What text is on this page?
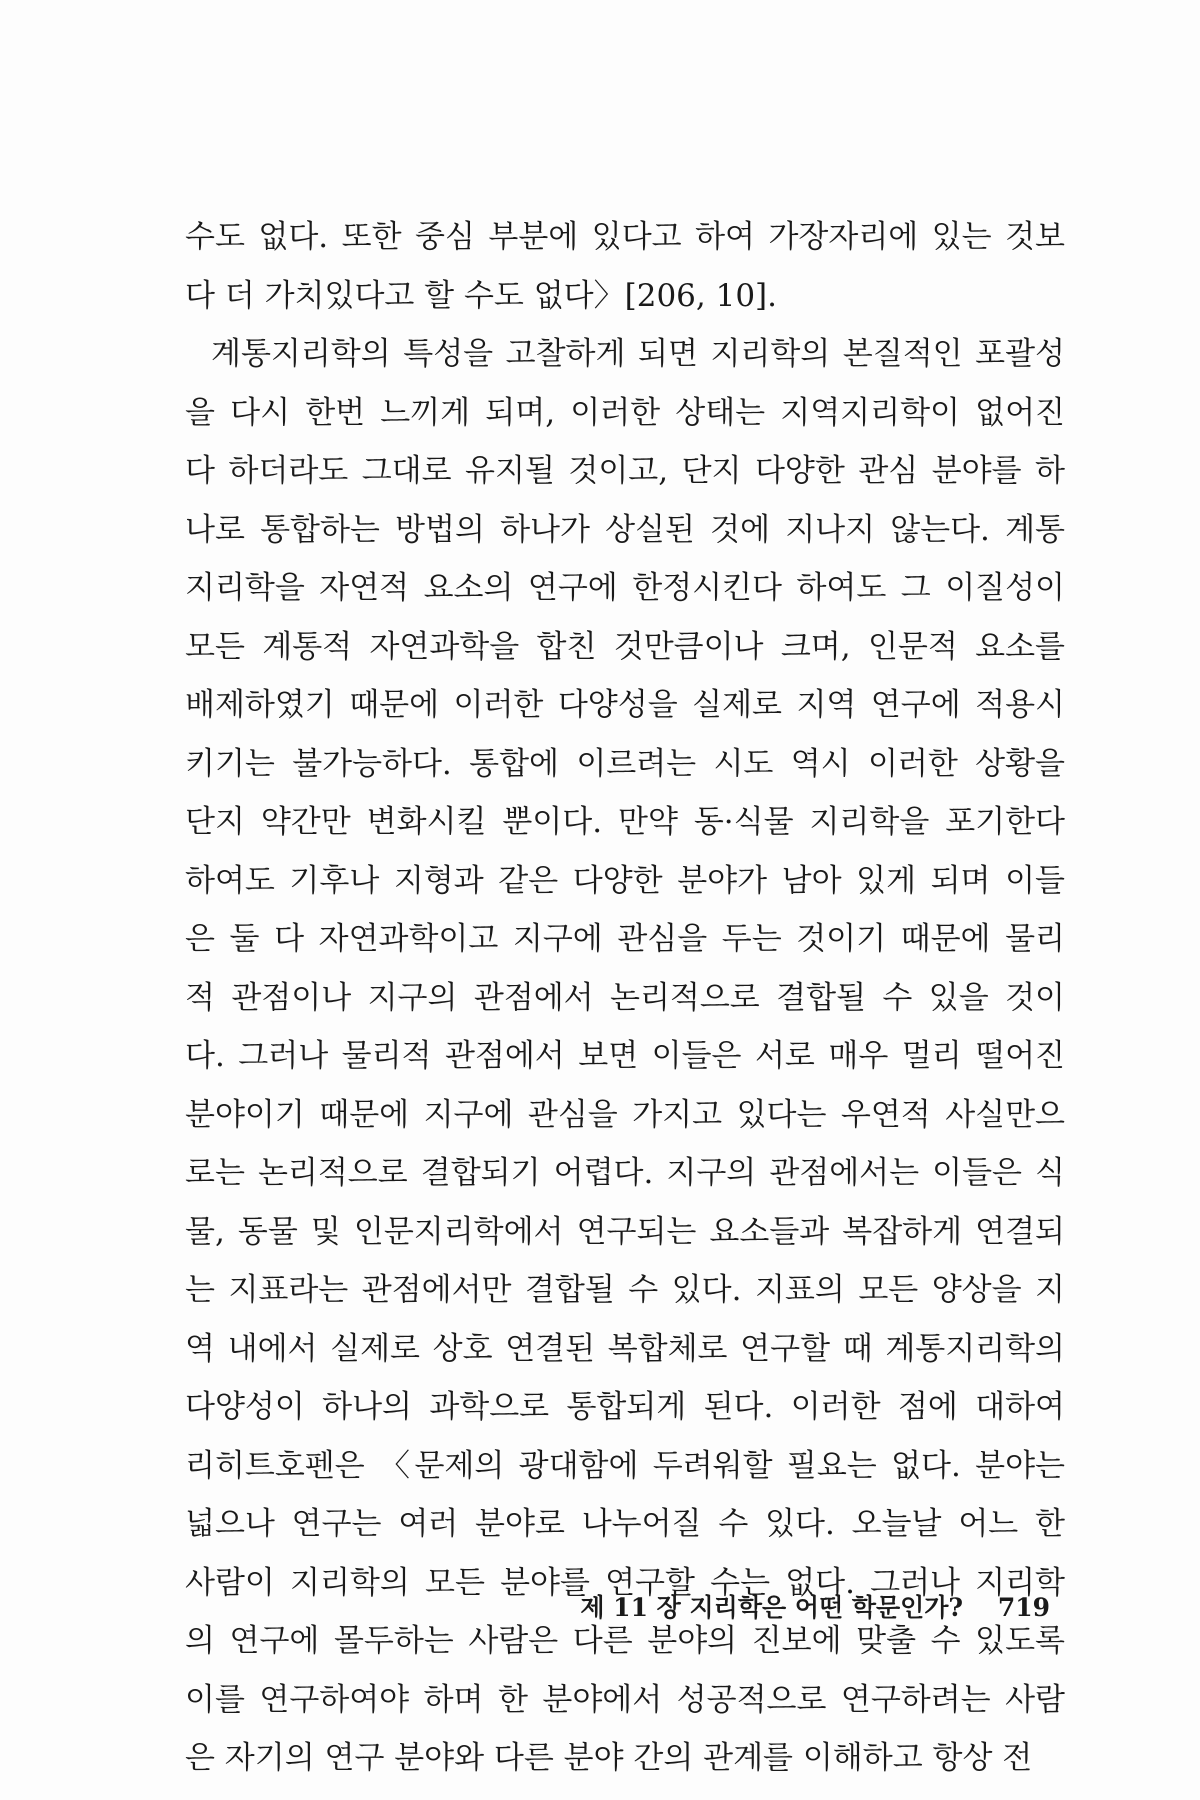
수도 없다. 또한 중심 부분에 있다고 하여 가장자리에 있는 것보
다 더 가치있다고 할 수도 없다〉[206, 10].
계통지리학의 특성을 고찰하게 되면 지리학의 본질적인 포괄성
을 다시 한번 느끼게 되며, 이러한 상태는 지역지리학이 없어진
다 하더라도 그대로 유지될 것이고, 단지 다양한 관심 분야를 하
나로 통합하는 방법의 하나가 상실된 것에 지나지 않는다. 계통
지리학을 자연적 요소의 연구에 한정시킨다 하여도 그 이질성이
모든 계통적 자연과학을 합친 것만큼이나 크며, 인문적 요소를
배제하였기 때문에 이러한 다양성을 실제로 지역 연구에 적용시
키기는 불가능하다. 통합에 이르려는 시도 역시 이러한 상황을
단지 약간만 변화시킬 뿐이다. 만약 동·식물 지리학을 포기한다
하여도 기후나 지형과 같은 다양한 분야가 남아 있게 되며 이들
은 둘 다 자연과학이고 지구에 관심을 두는 것이기 때문에 물리
적 관점이나 지구의 관점에서 논리적으로 결합될 수 있을 것이
다. 그러나 물리적 관점에서 보면 이들은 서로 매우 멀리 떨어진
분야이기 때문에 지구에 관심을 가지고 있다는 우연적 사실만으
로는 논리적으로 결합되기 어렵다. 지구의 관점에서는 이들은 식
물, 동물 및 인문지리학에서 연구되는 요소들과 복잡하게 연결되
는 지표라는 관점에서만 결합될 수 있다. 지표의 모든 양상을 지
역 내에서 실제로 상호 연결된 복합체로 연구할 때 계통지리학의
다양성이 하나의 과학으로 통합되게 된다. 이러한 점에 대하여
리히트호펜은 〈문제의 광대함에 두려워할 필요는 없다. 분야는
넓으나 연구는 여러 분야로 나누어질 수 있다. 오늘날 어느 한
사람이 지리학의 모든 분야를 연구할 수는 없다. 그러나 지리학
의 연구에 몰두하는 사람은 다른 분야의 진보에 맞출 수 있도록
이를 연구하여야 하며 한 분야에서 성공적으로 연구하려는 사람
은 자기의 연구 분야와 다른 분야 간의 관계를 이해하고 항상 전
제 11 장 지리학은 어떤 학문인가? 719
